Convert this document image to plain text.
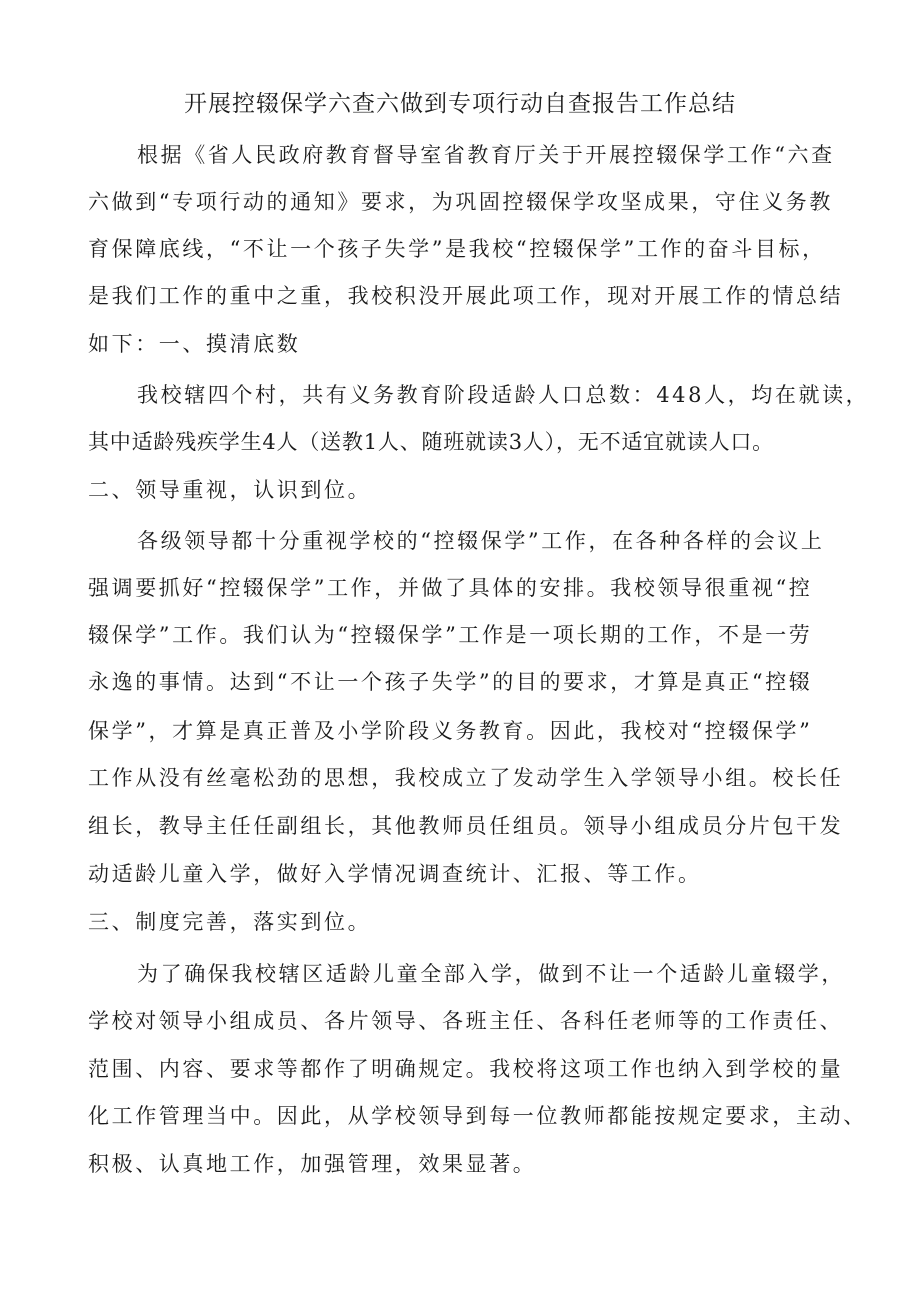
开展控辍保学六查六做到专项行动自查报告工作总结
根据《省人民政府教育督导室省教育厅关于开展控辍保学工作“六查
六做到“专项行动的通知》要求，为巩固控辍保学攻坚成果，守住义务教
育保障底线，“不让一个孩子失学”是我校“控辍保学”工作的奋斗目标，
是我们工作的重中之重，我校积没开展此项工作，现对开展工作的情总结
如下：一、摸清底数
我校辖四个村，共有义务教育阶段适龄人口总数：448人，均在就读，
其中适龄残疾学生4人（送教1人、随班就读3人），无不适宜就读人口。
二、领导重视，认识到位。
各级领导都十分重视学校的“控辍保学”工作，在各种各样的会议上
强调要抓好“控辍保学”工作，并做了具体的安排。我校领导很重视“控
辍保学”工作。我们认为“控辍保学”工作是一项长期的工作，不是一劳
永逸的事情。达到“不让一个孩子失学”的目的要求，才算是真正“控辍
保学”，才算是真正普及小学阶段义务教育。因此，我校对“控辍保学”
工作从没有丝毫松劲的思想，我校成立了发动学生入学领导小组。校长任
组长，教导主任任副组长，其他教师员任组员。领导小组成员分片包干发
动适龄儿童入学，做好入学情况调查统计、汇报、等工作。
三、制度完善，落实到位。
为了确保我校辖区适龄儿童全部入学，做到不让一个适龄儿童辍学，
学校对领导小组成员、各片领导、各班主任、各科任老师等的工作责任、
范围、内容、要求等都作了明确规定。我校将这项工作也纳入到学校的量
化工作管理当中。因此，从学校领导到每一位教师都能按规定要求，主动、
积极、认真地工作，加强管理，效果显著。
